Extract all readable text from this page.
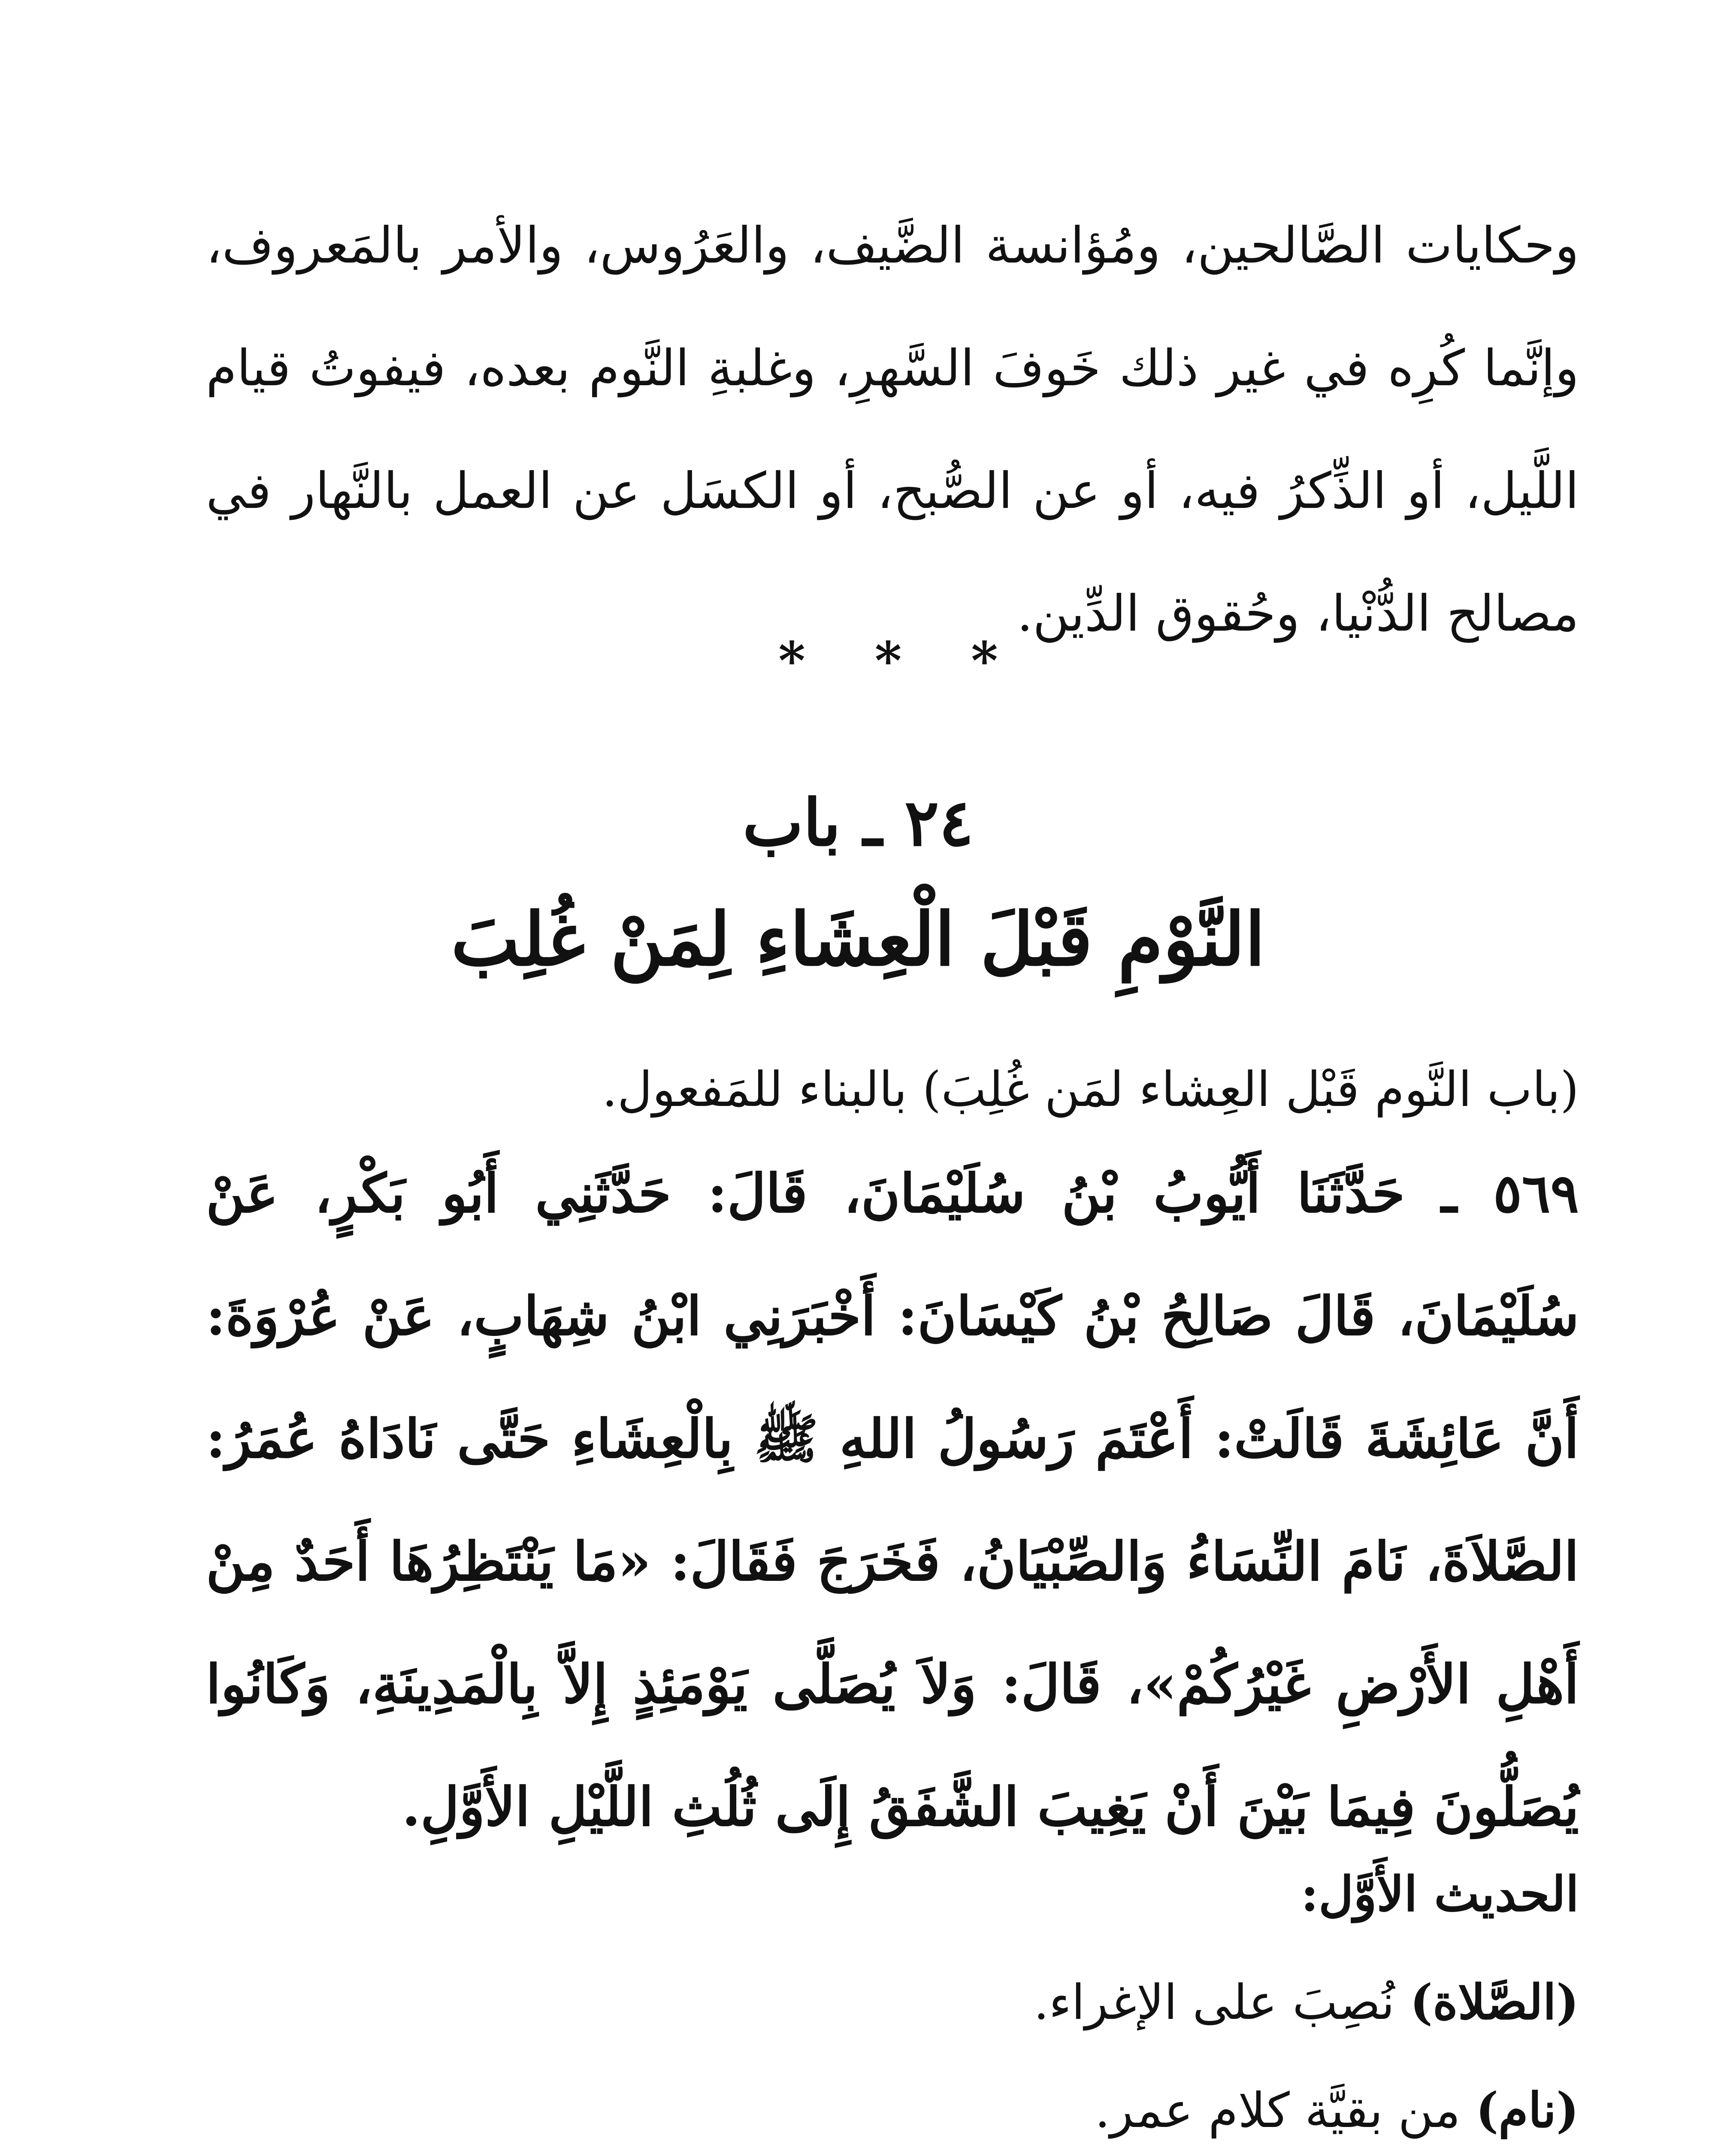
وحكايات الصَّالحين، ومُؤانسة الضَّيف، والعَرُوس، والأمر بالمَعروف، وإنَّما كُرِه في غير ذلك خَوفَ السَّهرِ، وغلبةِ النَّوم بعده، فيفوتُ قيام اللَّيل، أو الذِّكرُ فيه، أو عن الصُّبح، أو الكسَل عن العمل بالنَّهار في مصالح الدُّنْيا، وحُقوق الدِّين.

* * *
٢٤ ـ باب
النَّوْمِ قَبْلَ الْعِشَاءِ لِمَنْ غُلِبَ

(باب النَّوم قَبْل العِشاء لمَن غُلِبَ) بالبناء للمَفعول.

٥٦٩ ـ حَدَّثَنَا أَيُّوبُ بْنُ سُلَيْمَانَ، قَالَ: حَدَّثَنِي أَبُو بَكْرٍ، عَنْ سُلَيْمَانَ، قَالَ صَالِحُ بْنُ كَيْسَانَ: أَخْبَرَنِي ابْنُ شِهَابٍ، عَنْ عُرْوَةَ: أَنَّ عَائِشَةَ قَالَتْ: أَعْتَمَ رَسُولُ اللهِ ﷺ بِالْعِشَاءِ حَتَّى نَادَاهُ عُمَرُ: الصَّلاَةَ، نَامَ النِّسَاءُ وَالصِّبْيَانُ، فَخَرَجَ فَقَالَ: «مَا يَنْتَظِرُهَا أَحَدٌ مِنْ أَهْلِ الأَرْضِ غَيْرُكُمْ»، قَالَ: وَلاَ يُصَلَّى يَوْمَئِذٍ إِلاَّ بِالْمَدِينَةِ، وَكَانُوا يُصَلُّونَ فِيمَا بَيْنَ أَنْ يَغِيبَ الشَّفَقُ إِلَى ثُلُثِ اللَّيْلِ الأَوَّلِ.

الحديث الأَوَّل:
(الصَّلاة) نُصِبَ على الإغراء.
(نام) من بقيَّة كلام عمر.
